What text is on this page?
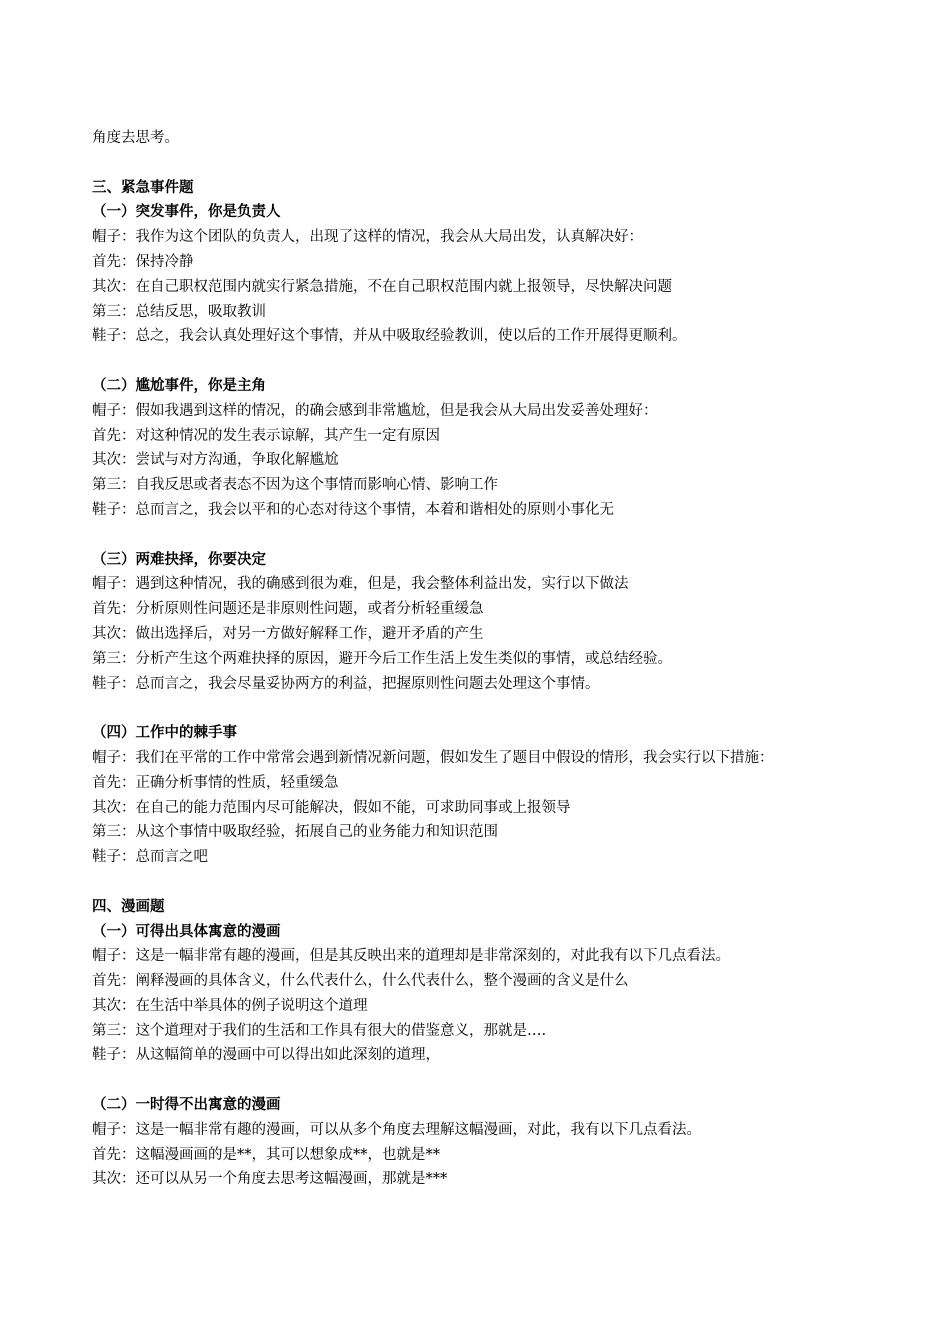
角度去思考。
三、紧急事件题
（一）突发事件，你是负责人
帽子：我作为这个团队的负责人，出现了这样的情况，我会从大局出发，认真解决好：
首先：保持冷静
其次：在自己职权范围内就实行紧急措施，不在自己职权范围内就上报领导，尽快解决问题
第三：总结反思，吸取教训
鞋子：总之，我会认真处理好这个事情，并从中吸取经验教训，使以后的工作开展得更顺利。
（二）尴尬事件，你是主角
帽子：假如我遇到这样的情况，的确会感到非常尴尬，但是我会从大局出发妥善处理好：
首先：对这种情况的发生表示谅解，其产生一定有原因
其次：尝试与对方沟通，争取化解尴尬
第三：自我反思或者表态不因为这个事情而影响心情、影响工作
鞋子：总而言之，我会以平和的心态对待这个事情，本着和谐相处的原则小事化无
（三）两难抉择，你要决定
帽子：遇到这种情况，我的确感到很为难，但是，我会整体利益出发，实行以下做法
首先：分析原则性问题还是非原则性问题，或者分析轻重缓急
其次：做出选择后，对另一方做好解释工作，避开矛盾的产生
第三：分析产生这个两难抉择的原因，避开今后工作生活上发生类似的事情，或总结经验。
鞋子：总而言之，我会尽量妥协两方的利益，把握原则性问题去处理这个事情。
（四）工作中的棘手事
帽子：我们在平常的工作中常常会遇到新情况新问题，假如发生了题目中假设的情形，我会实行以下措施：
首先：正确分析事情的性质，轻重缓急
其次：在自己的能力范围内尽可能解决，假如不能，可求助同事或上报领导
第三：从这个事情中吸取经验，拓展自己的业务能力和知识范围
鞋子：总而言之吧
四、漫画题
（一）可得出具体寓意的漫画
帽子：这是一幅非常有趣的漫画，但是其反映出来的道理却是非常深刻的，对此我有以下几点看法。
首先：阐释漫画的具体含义，什么代表什么，什么代表什么，整个漫画的含义是什么
其次：在生活中举具体的例子说明这个道理
第三：这个道理对于我们的生活和工作具有很大的借鉴意义，那就是….
鞋子：从这幅简单的漫画中可以得出如此深刻的道理，
（二）一时得不出寓意的漫画
帽子：这是一幅非常有趣的漫画，可以从多个角度去理解这幅漫画，对此，我有以下几点看法。
首先：这幅漫画画的是**，其可以想象成**，也就是**
其次：还可以从另一个角度去思考这幅漫画，那就是***
